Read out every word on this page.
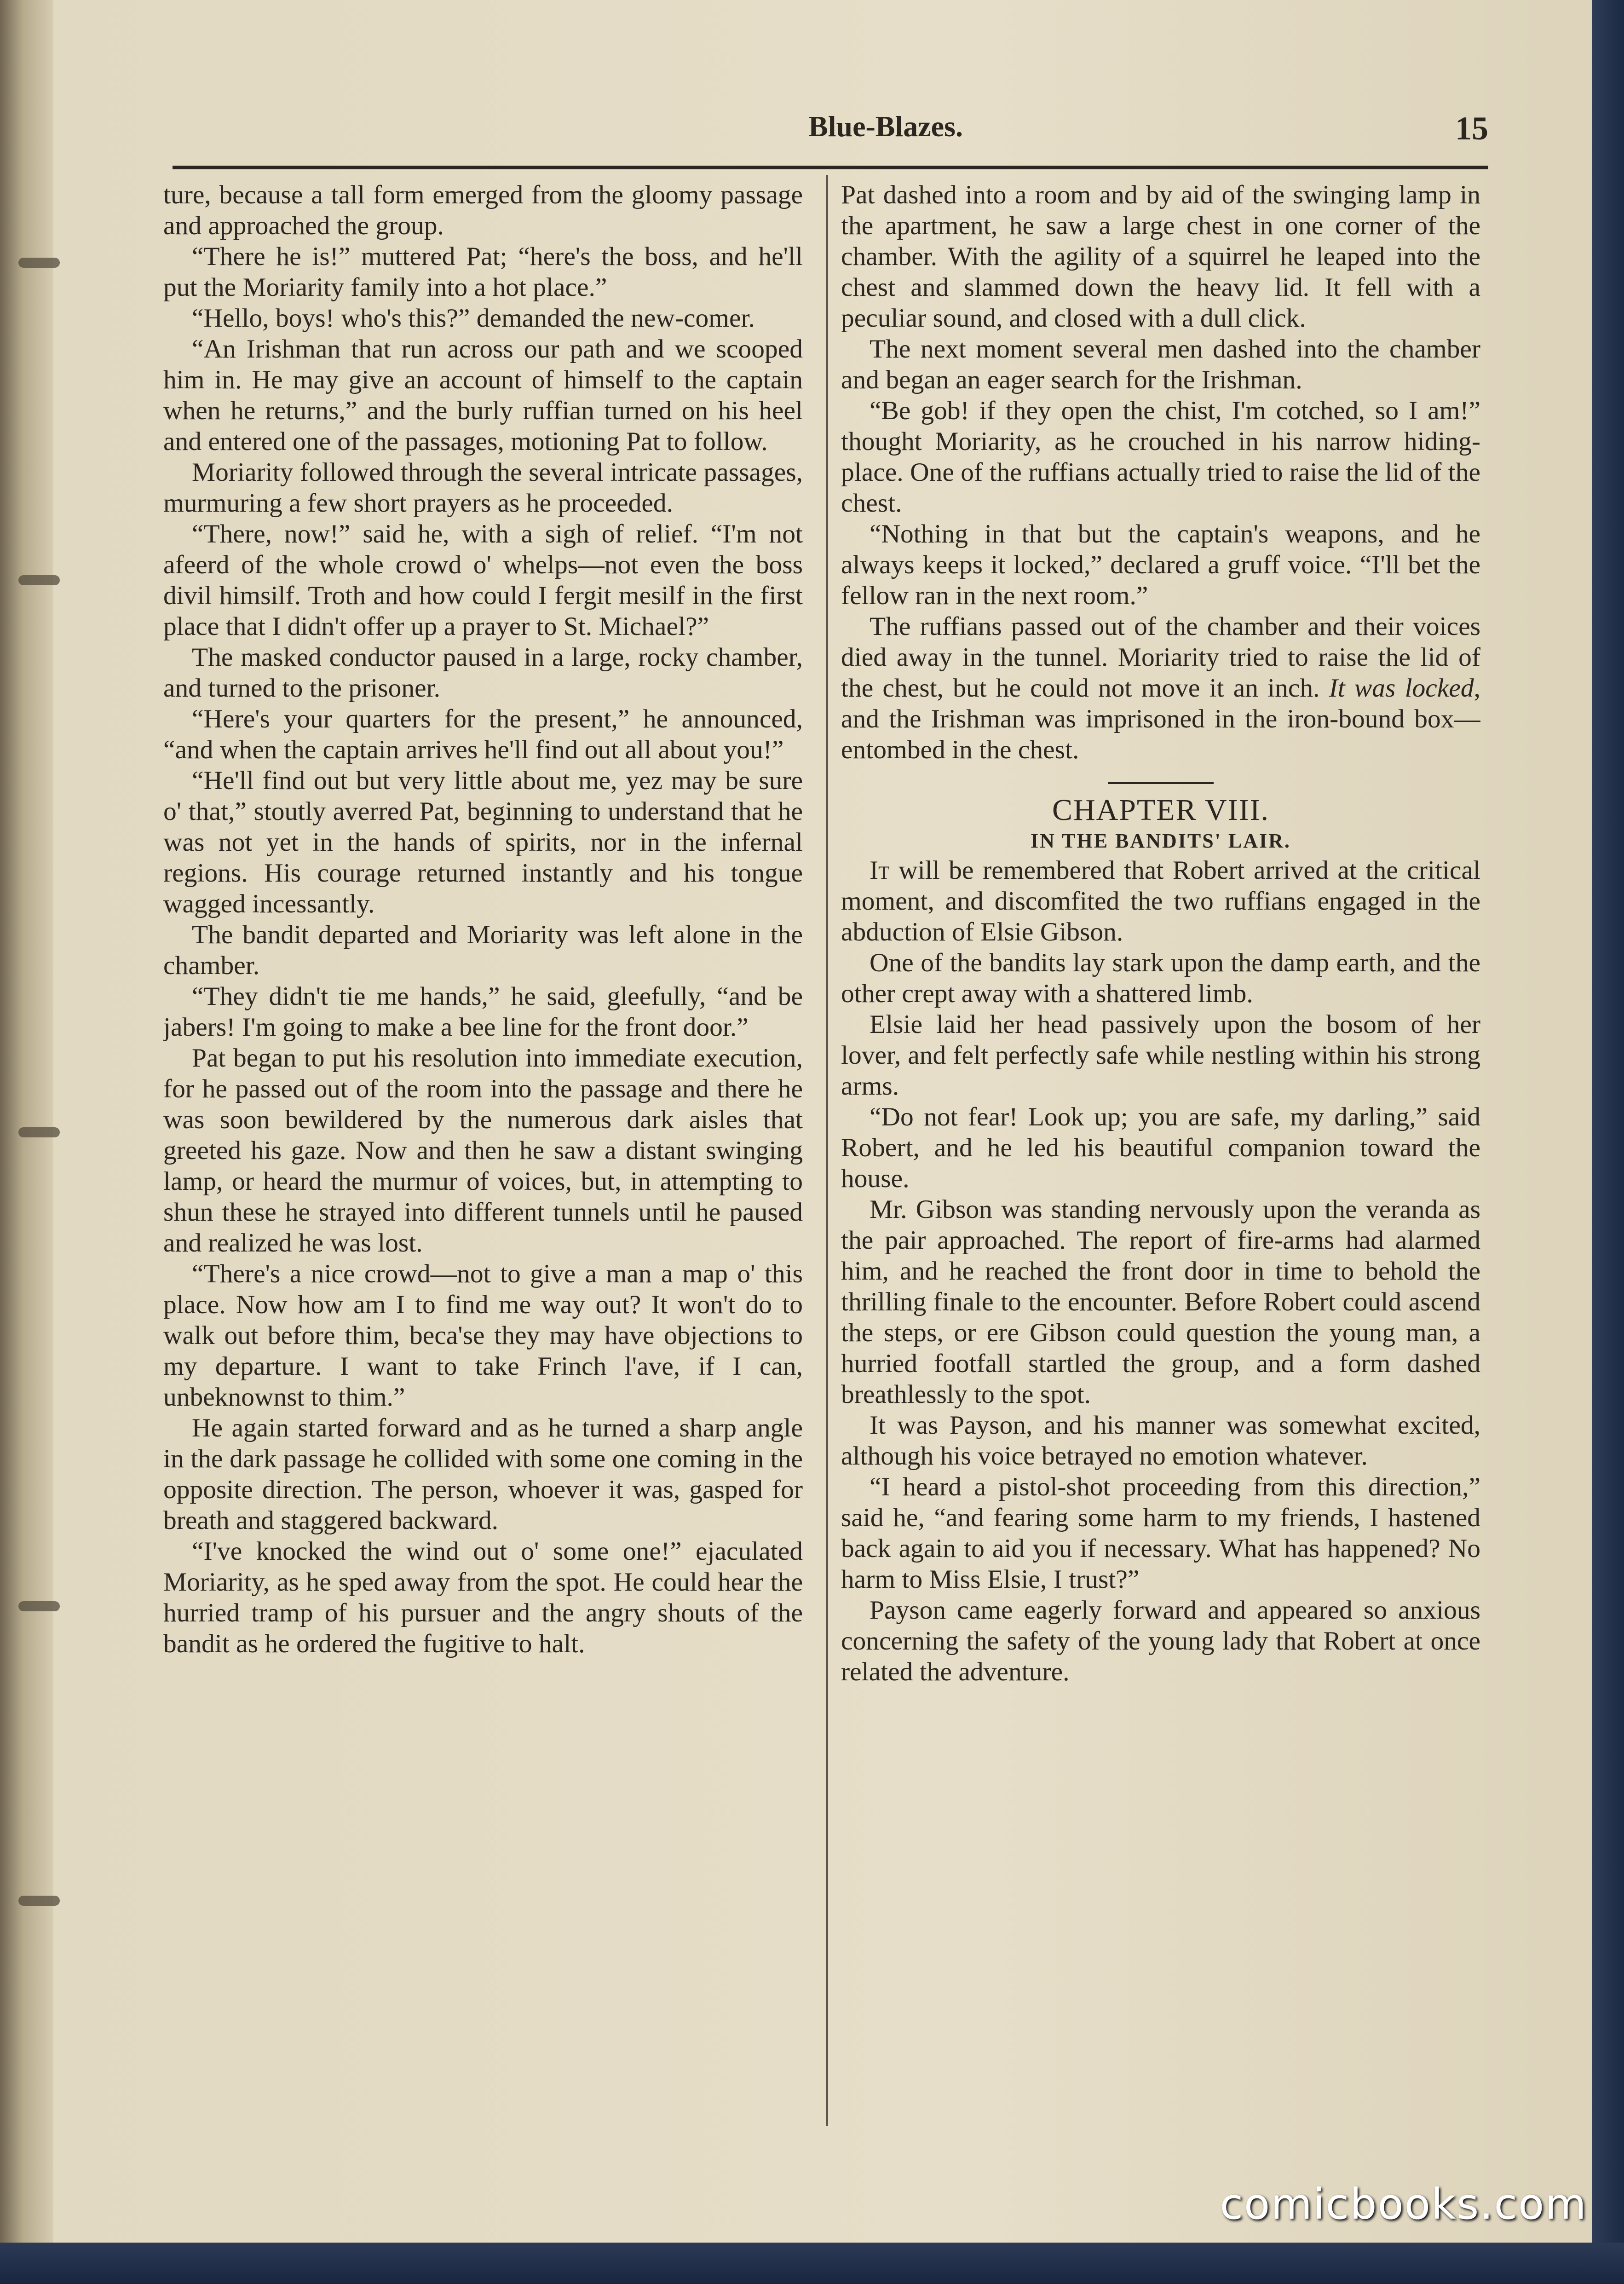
Blue-Blazes.	15

ture, because a tall form emerged from the gloomy passage and approached the group.

“There he is!” muttered Pat; “here's the boss, and he'll put the Moriarity family into a hot place.”

“Hello, boys! who's this?” demanded the new-comer.

“An Irishman that run across our path and we scooped him in. He may give an account of himself to the captain when he returns,” and the burly ruffian turned on his heel and entered one of the passages, motioning Pat to follow.

Moriarity followed through the several intricate passages, murmuring a few short prayers as he proceeded.

“There, now!” said he, with a sigh of relief. “I'm not afeerd of the whole crowd o' whelps—not even the boss divil himsilf. Troth and how could I fergit mesilf in the first place that I didn't offer up a prayer to St. Michael?”

The masked conductor paused in a large, rocky chamber, and turned to the prisoner.

“Here's your quarters for the present,” he announced, “and when the captain arrives he'll find out all about you!”

“He'll find out but very little about me, yez may be sure o' that,” stoutly averred Pat, beginning to understand that he was not yet in the hands of spirits, nor in the infernal regions. His courage returned instantly and his tongue wagged incessantly.

The bandit departed and Moriarity was left alone in the chamber.

“They didn't tie me hands,” he said, gleefully, “and be jabers! I'm going to make a bee line for the front door.”

Pat began to put his resolution into immediate execution, for he passed out of the room into the passage and there he was soon bewildered by the numerous dark aisles that greeted his gaze. Now and then he saw a distant swinging lamp, or heard the murmur of voices, but, in attempting to shun these he strayed into different tunnels until he paused and realized he was lost.

“There's a nice crowd—not to give a man a map o' this place. Now how am I to find me way out? It won't do to walk out before thim, beca'se they may have objections to my departure. I want to take Frinch l'ave, if I can, unbeknownst to thim.”

He again started forward and as he turned a sharp angle in the dark passage he collided with some one coming in the opposite direction. The person, whoever it was, gasped for breath and staggered backward.

“I've knocked the wind out o' some one!” ejaculated Moriarity, as he sped away from the spot. He could hear the hurried tramp of his pursuer and the angry shouts of the bandit as he ordered the fugitive to halt.

Pat dashed into a room and by aid of the swinging lamp in the apartment, he saw a large chest in one corner of the chamber. With the agility of a squirrel he leaped into the chest and slammed down the heavy lid. It fell with a peculiar sound, and closed with a dull click.

The next moment several men dashed into the chamber and began an eager search for the Irishman.

“Be gob! if they open the chist, I'm cotched, so I am!” thought Moriarity, as he crouched in his narrow hiding-place. One of the ruffians actually tried to raise the lid of the chest.

“Nothing in that but the captain's weapons, and he always keeps it locked,” declared a gruff voice. “I'll bet the fellow ran in the next room.”

The ruffians passed out of the chamber and their voices died away in the tunnel. Moriarity tried to raise the lid of the chest, but he could not move it an inch. It was locked, and the Irishman was imprisoned in the iron-bound box—entombed in the chest.

CHAPTER VIII.

IN THE BANDITS' LAIR.

It will be remembered that Robert arrived at the critical moment, and discomfited the two ruffians engaged in the abduction of Elsie Gibson.

One of the bandits lay stark upon the damp earth, and the other crept away with a shattered limb.

Elsie laid her head passively upon the bosom of her lover, and felt perfectly safe while nestling within his strong arms.

“Do not fear! Look up; you are safe, my darling,” said Robert, and he led his beautiful companion toward the house.

Mr. Gibson was standing nervously upon the veranda as the pair approached. The report of fire-arms had alarmed him, and he reached the front door in time to behold the thrilling finale to the encounter. Before Robert could ascend the steps, or ere Gibson could question the young man, a hurried footfall startled the group, and a form dashed breathlessly to the spot.

It was Payson, and his manner was somewhat excited, although his voice betrayed no emotion whatever.

“I heard a pistol-shot proceeding from this direction,” said he, “and fearing some harm to my friends, I hastened back again to aid you if necessary. What has happened? No harm to Miss Elsie, I trust?”

Payson came eagerly forward and appeared so anxious concerning the safety of the young lady that Robert at once related the adventure.

comicbooks.com
